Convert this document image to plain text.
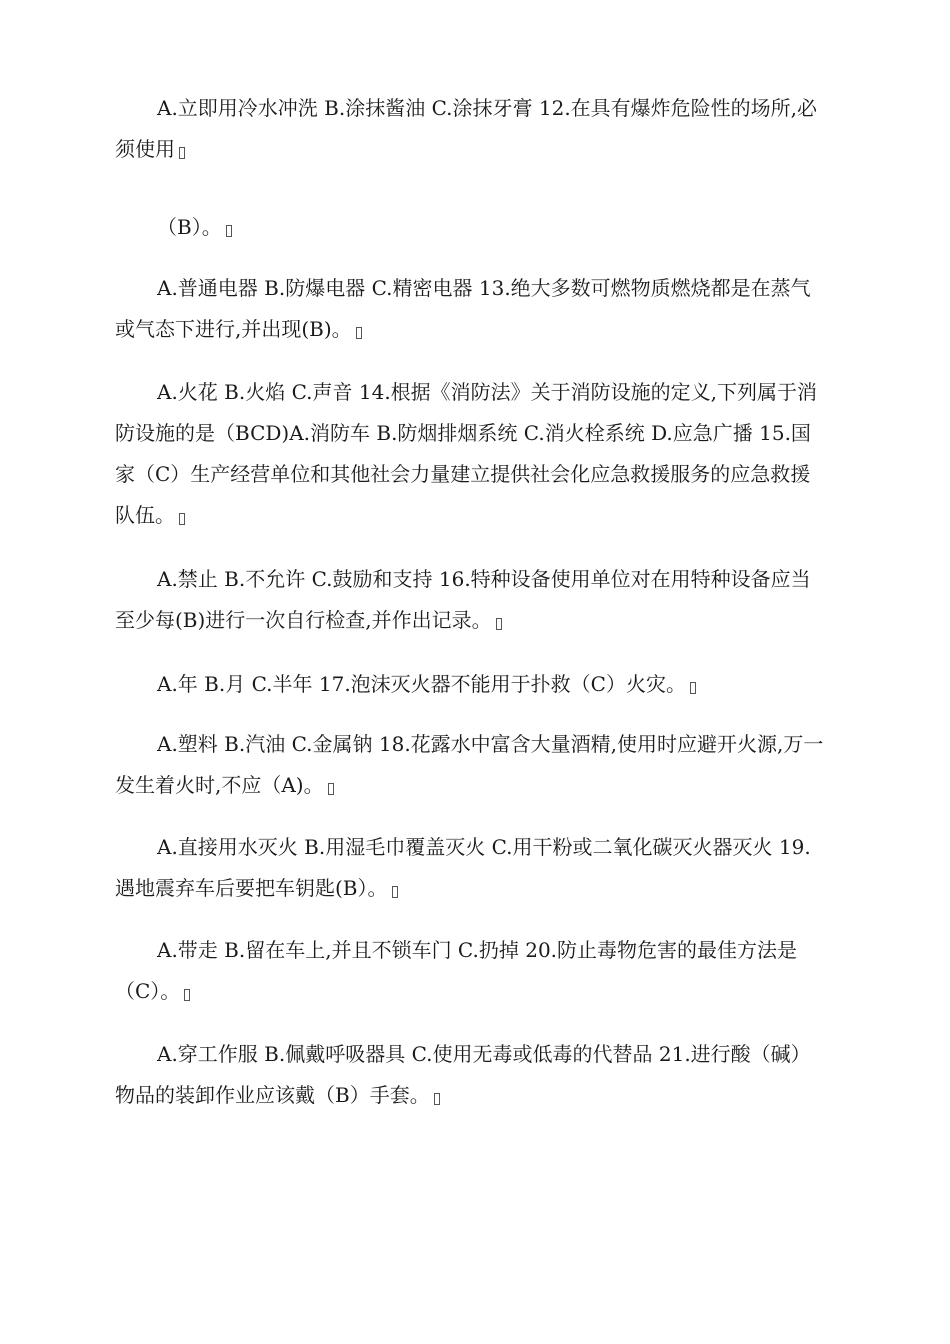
A.立即用冷水冲洗 B.涂抹酱油 C.涂抹牙膏 12.在具有爆炸危险性的场所,必须使用

（B）。

A.普通电器 B.防爆电器 C.精密电器 13.绝大多数可燃物质燃烧都是在蒸气或气态下进行,并出现(B)。

A.火花 B.火焰 C.声音 14.根据《消防法》关于消防设施的定义,下列属于消防设施的是（BCD)A.消防车 B.防烟排烟系统 C.消火栓系统 D.应急广播 15.国家（C）生产经营单位和其他社会力量建立提供社会化应急救援服务的应急救援队伍。

A.禁止 B.不允许 C.鼓励和支持 16.特种设备使用单位对在用特种设备应当至少每(B)进行一次自行检查,并作出记录。

A.年 B.月 C.半年 17.泡沫灭火器不能用于扑救（C）火灾。

A.塑料 B.汽油 C.金属钠 18.花露水中富含大量酒精,使用时应避开火源,万一发生着火时,不应（A)。

A.直接用水灭火 B.用湿毛巾覆盖灭火 C.用干粉或二氧化碳灭火器灭火 19.遇地震弃车后要把车钥匙(B）。

A.带走 B.留在车上,并且不锁车门 C.扔掉 20.防止毒物危害的最佳方法是（C）。

A.穿工作服 B.佩戴呼吸器具 C.使用无毒或低毒的代替品 21.进行酸（碱）物品的装卸作业应该戴（B）手套。
